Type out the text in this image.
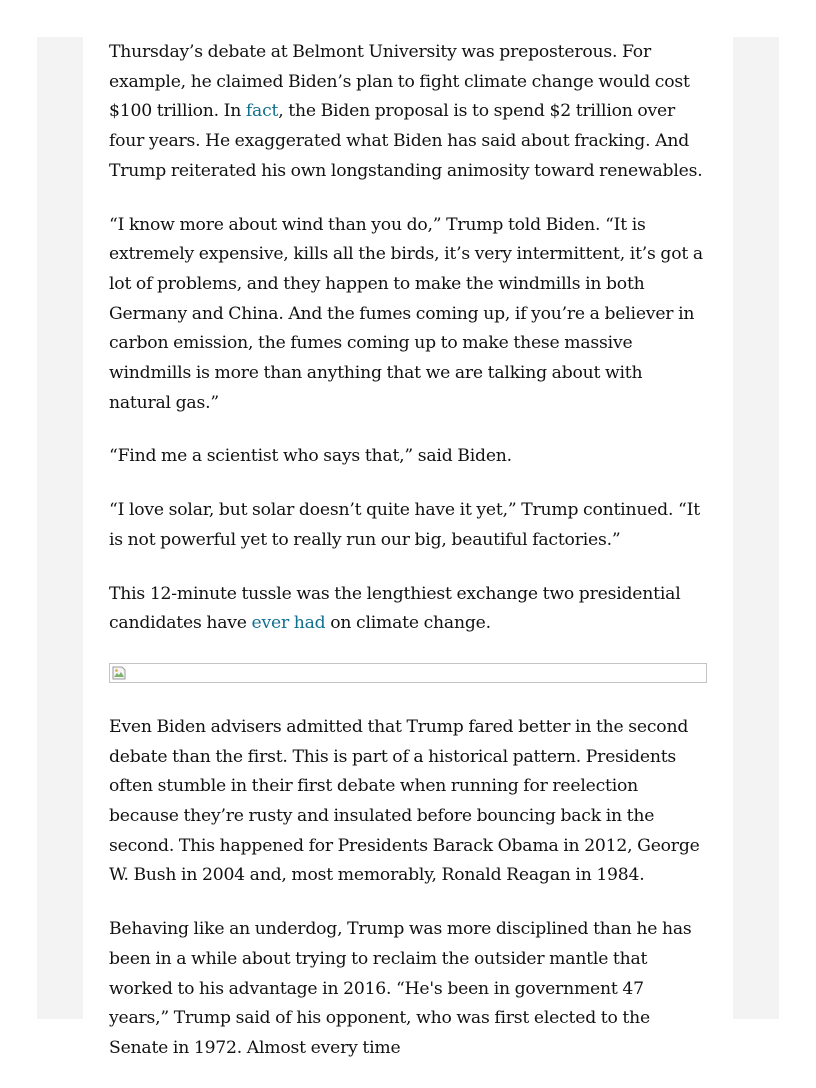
Thursday’s debate at Belmont University was preposterous. For example, he claimed Biden’s plan to fight climate change would cost $100 trillion. In fact, the Biden proposal is to spend $2 trillion over four years. He exaggerated what Biden has said about fracking. And Trump reiterated his own longstanding animosity toward renewables.

“I know more about wind than you do,” Trump told Biden. “It is extremely expensive, kills all the birds, it’s very intermittent, it’s got a lot of problems, and they happen to make the windmills in both Germany and China. And the fumes coming up, if you’re a believer in carbon emission, the fumes coming up to make these massive windmills is more than anything that we are talking about with natural gas.”

“Find me a scientist who says that,” said Biden.

“I love solar, but solar doesn’t quite have it yet,” Trump continued. “It is not powerful yet to really run our big, beautiful factories.”

This 12-minute tussle was the lengthiest exchange two presidential candidates have ever had on climate change.

Even Biden advisers admitted that Trump fared better in the second debate than the first. This is part of a historical pattern. Presidents often stumble in their first debate when running for reelection because they’re rusty and insulated before bouncing back in the second. This happened for Presidents Barack Obama in 2012, George W. Bush in 2004 and, most memorably, Ronald Reagan in 1984.

Behaving like an underdog, Trump was more disciplined than he has been in a while about trying to reclaim the outsider mantle that worked to his advantage in 2016. “He's been in government 47 years,” Trump said of his opponent, who was first elected to the Senate in 1972. Almost every time
